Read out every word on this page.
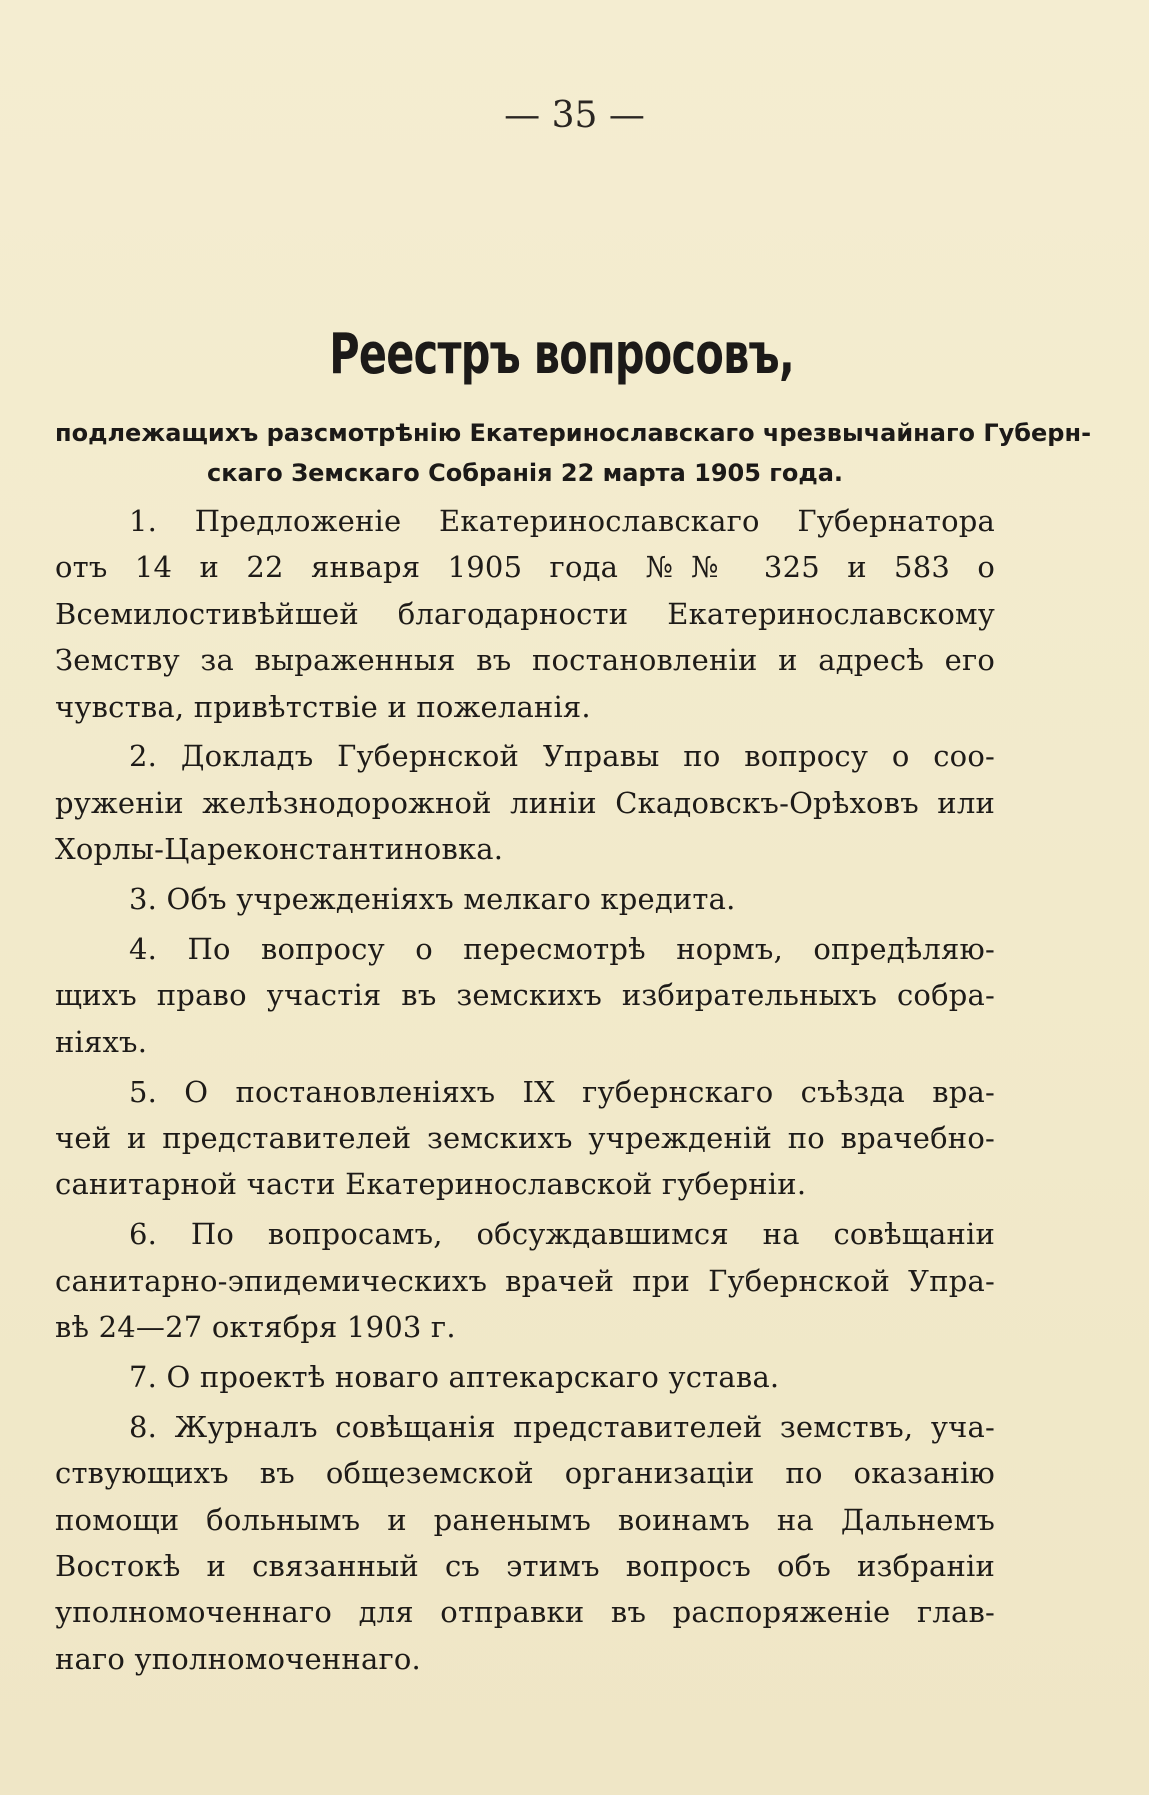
— 35 —
Реестръ вопросовъ,
подлежащихъ разсмотрѣнію Екатеринославскаго чрезвычайнаго Губерн-
скаго Земскаго Собранія 22 марта 1905 года.
1. Предложеніе Екатеринославскаго Губернатора
отъ 14 и 22 января 1905 года №№ 325 и 583 о
Всемилостивѣйшей благодарности Екатеринославскому
Земству за выраженныя въ постановленіи и адресѣ его
чувства, привѣтствіе и пожеланія.
2. Докладъ Губернской Управы по вопросу о соо-
руженіи желѣзнодорожной линіи Скадовскъ-Орѣховъ или
Хорлы-Цареконстантиновка.
3. Объ учрежденіяхъ мелкаго кредита.
4. По вопросу о пересмотрѣ нормъ, опредѣляю-
щихъ право участія въ земскихъ избирательныхъ собра-
ніяхъ.
5. О постановленіяхъ IX губернскаго съѣзда вра-
чей и представителей земскихъ учрежденій по врачебно-
санитарной части Екатеринославской губерніи.
6. По вопросамъ, обсуждавшимся на совѣщаніи
санитарно-эпидемическихъ врачей при Губернской Упра-
вѣ 24—27 октября 1903 г.
7. О проектѣ новаго аптекарскаго устава.
8. Журналъ совѣщанія представителей земствъ, уча-
ствующихъ въ общеземской организаціи по оказанію
помощи больнымъ и раненымъ воинамъ на Дальнемъ
Востокѣ и связанный съ этимъ вопросъ объ избраніи
уполномоченнаго для отправки въ распоряженіе глав-
наго уполномоченнаго.
